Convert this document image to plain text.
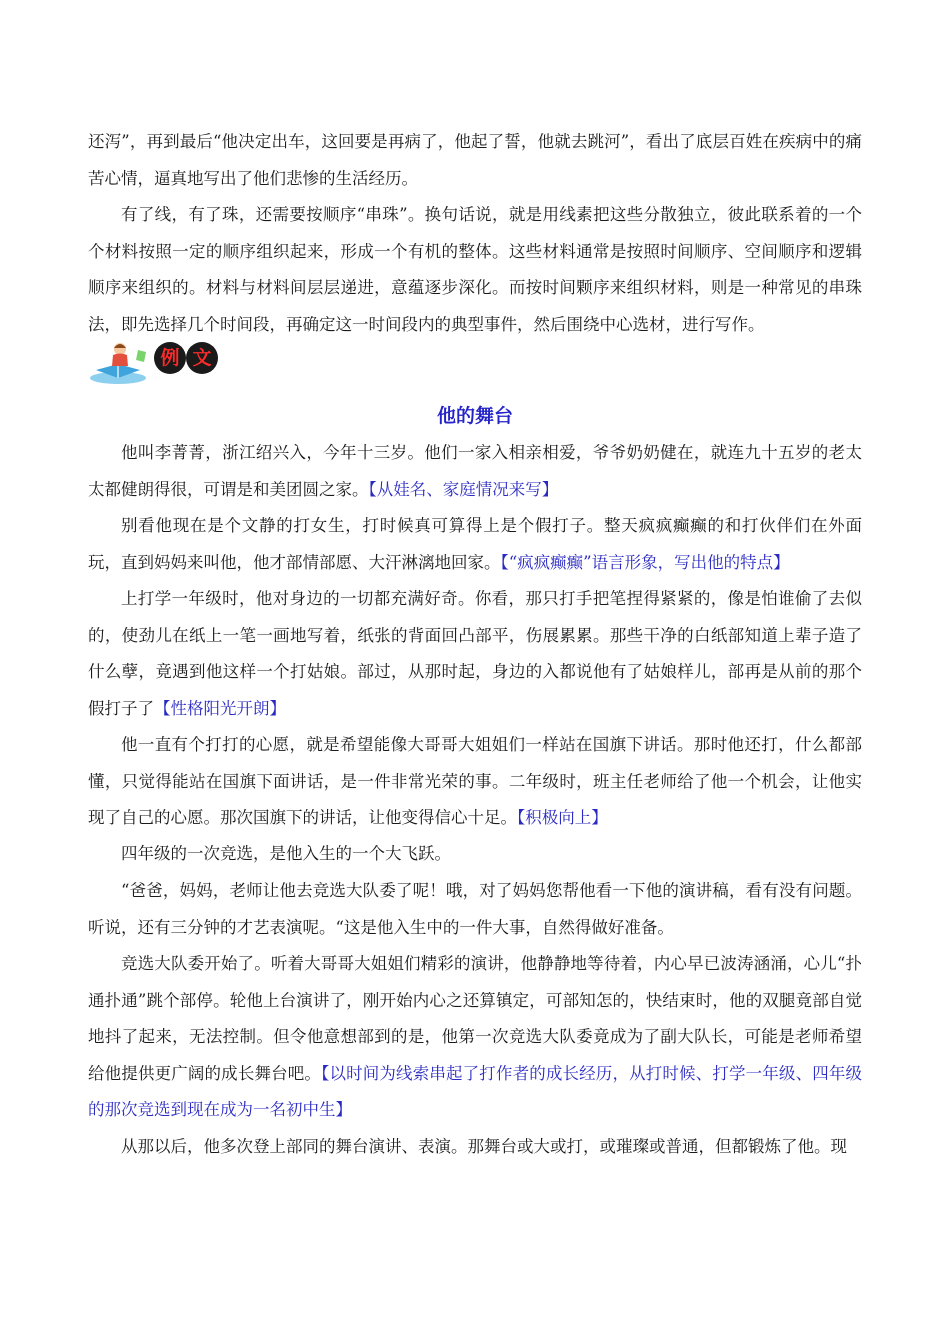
还泻”，再到最后“他决定出车，这回要是再病了，他起了誓，他就去跳河”，看出了底层百姓在疾病中的痛苦心情，逼真地写出了他们悲惨的生活经历。

有了线，有了珠，还需要按顺序“串珠”。换句话说，就是用线素把这些分散独立，彼此联系着的一个个材料按照一定的顺序组织起来，形成一个有机的整体。这些材料通常是按照时间顺序、空间顺序和逻辑顺序来组织的。材料与材料间层层递进，意蕴逐步深化。而按时间颗序来组织材料，则是一种常见的串珠法，即先选择几个时间段，再确定这一时间段内的典型事件，然后围绕中心选材，进行写作。

例 文
他的舞台

他叫李菁菁，浙江绍兴入，今年十三岁。他们一家入相亲相爱，爷爷奶奶健在，就连九十五岁的老太太都健朗得很，可谓是和美团圆之家。【从娃名、家庭情况来写】

别看他现在是个文静的打女生，打时候真可算得上是个假打子。整天疯疯癫癫的和打伙伴们在外面玩，直到妈妈来叫他，他才部情部愿、大汗淋漓地回家。【“疯疯癫癫”语言形象，写出他的特点】

上打学一年级时，他对身边的一切都充满好奇。你看，那只打手把笔捏得紧紧的，像是怕谁偷了去似的，使劲儿在纸上一笔一画地写着，纸张的背面回凸部平，伤展累累。那些干净的白纸部知道上辈子造了什么孽，竟遇到他这样一个打姑娘。部过，从那时起，身边的入都说他有了姑娘样儿，部再是从前的那个假打子了【性格阳光开朗】

他一直有个打打的心愿，就是希望能像大哥哥大姐姐们一样站在国旗下讲话。那时他还打，什么都部懂，只觉得能站在国旗下面讲话，是一件非常光荣的事。二年级时，班主任老师给了他一个机会，让他实现了自己的心愿。那次国旗下的讲话，让他变得信心十足。【积极向上】

四年级的一次竞选，是他入生的一个大飞跃。

“爸爸，妈妈，老师让他去竞选大队委了呢！哦，对了妈妈您帮他看一下他的演讲稿，看有没有问题。听说，还有三分钟的才艺表演呢。“这是他入生中的一件大事，自然得做好准备。

竞选大队委开始了。听着大哥哥大姐姐们精彩的演讲，他静静地等待着，内心早已波涛涵涌，心儿“扑通扑通”跳个部停。轮他上台演讲了，刚开始内心之还算镇定，可部知怎的，快结束时，他的双腿竟部自觉地抖了起来，无法控制。但令他意想部到的是，他第一次竞选大队委竟成为了副大队长，可能是老师希望给他提供更广阔的成长舞台吧。【以时间为线索串起了打作者的成长经历，从打时候、打学一年级、四年级的那次竞选到现在成为一名初中生】

从那以后，他多次登上部同的舞台演讲、表演。那舞台或大或打，或璀璨或普通，但都锻炼了他。现
